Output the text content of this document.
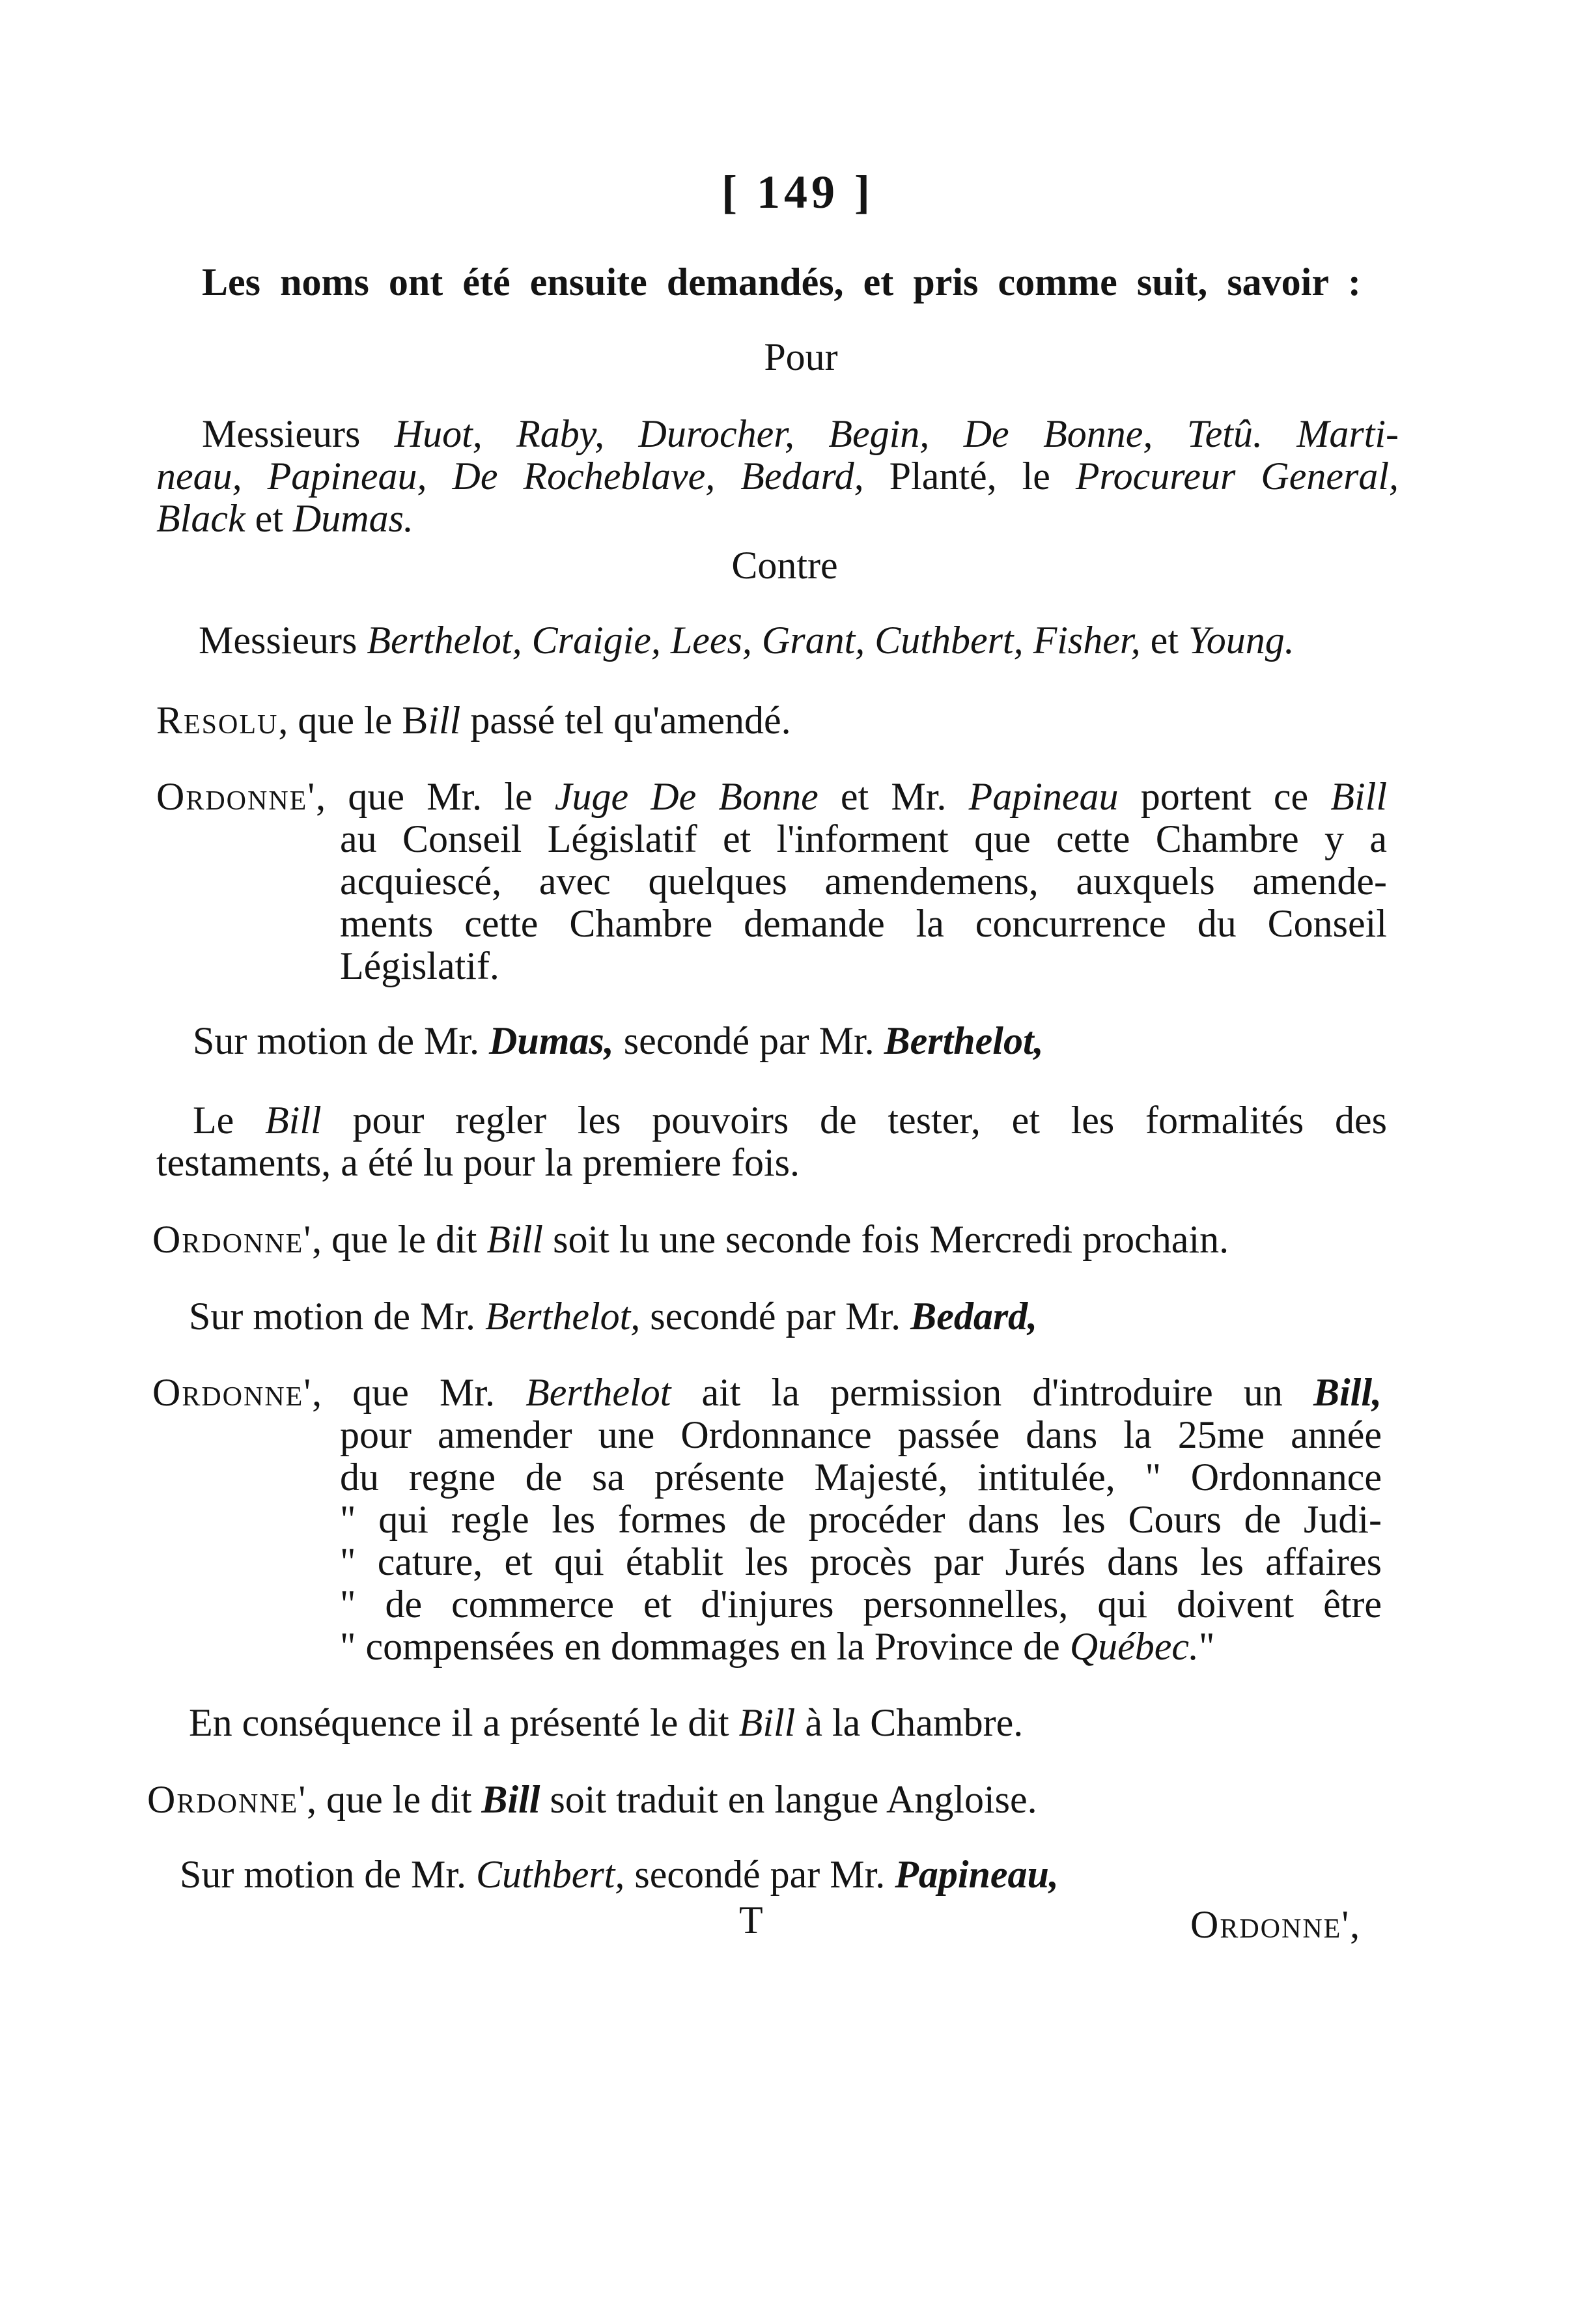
[ 149 ]
Les noms ont été ensuite demandés, et pris comme suit, savoir :
Pour
Messieurs Huot, Raby, Durocher, Begin, De Bonne, Tetû. Marti-
neau, Papineau, De Rocheblave, Bedard, Planté, le Procureur General,
Black et Dumas.
Contre
Messieurs Berthelot, Craigie, Lees, Grant, Cuthbert, Fisher, et Young.
Resolu, que le Bill passé tel qu'amendé.
Ordonne', que Mr. le Juge De Bonne et Mr. Papineau portent ce Bill
au Conseil Législatif et l'informent que cette Chambre y a
acquiescé, avec quelques amendemens, auxquels amende-
ments cette Chambre demande la concurrence du Conseil
Législatif.
Sur motion de Mr. Dumas, secondé par Mr. Berthelot,
Le Bill pour regler les pouvoirs de tester, et les formalités des
testaments, a été lu pour la premiere fois.
Ordonne', que le dit Bill soit lu une seconde fois Mercredi prochain.
Sur motion de Mr. Berthelot, secondé par Mr. Bedard,
Ordonne', que Mr. Berthelot ait la permission d'introduire un Bill,
pour amender une Ordonnance passée dans la 25me année
du regne de sa présente Majesté, intitulée, " Ordonnance
" qui regle les formes de procéder dans les Cours de Judi-
" cature, et qui établit les procès par Jurés dans les affaires
" de commerce et d'injures personnelles, qui doivent être
" compensées en dommages en la Province de Québec."
En conséquence il a présenté le dit Bill à la Chambre.
Ordonne', que le dit Bill soit traduit en langue Angloise.
Sur motion de Mr. Cuthbert, secondé par Mr. Papineau,
T	Ordonne',
